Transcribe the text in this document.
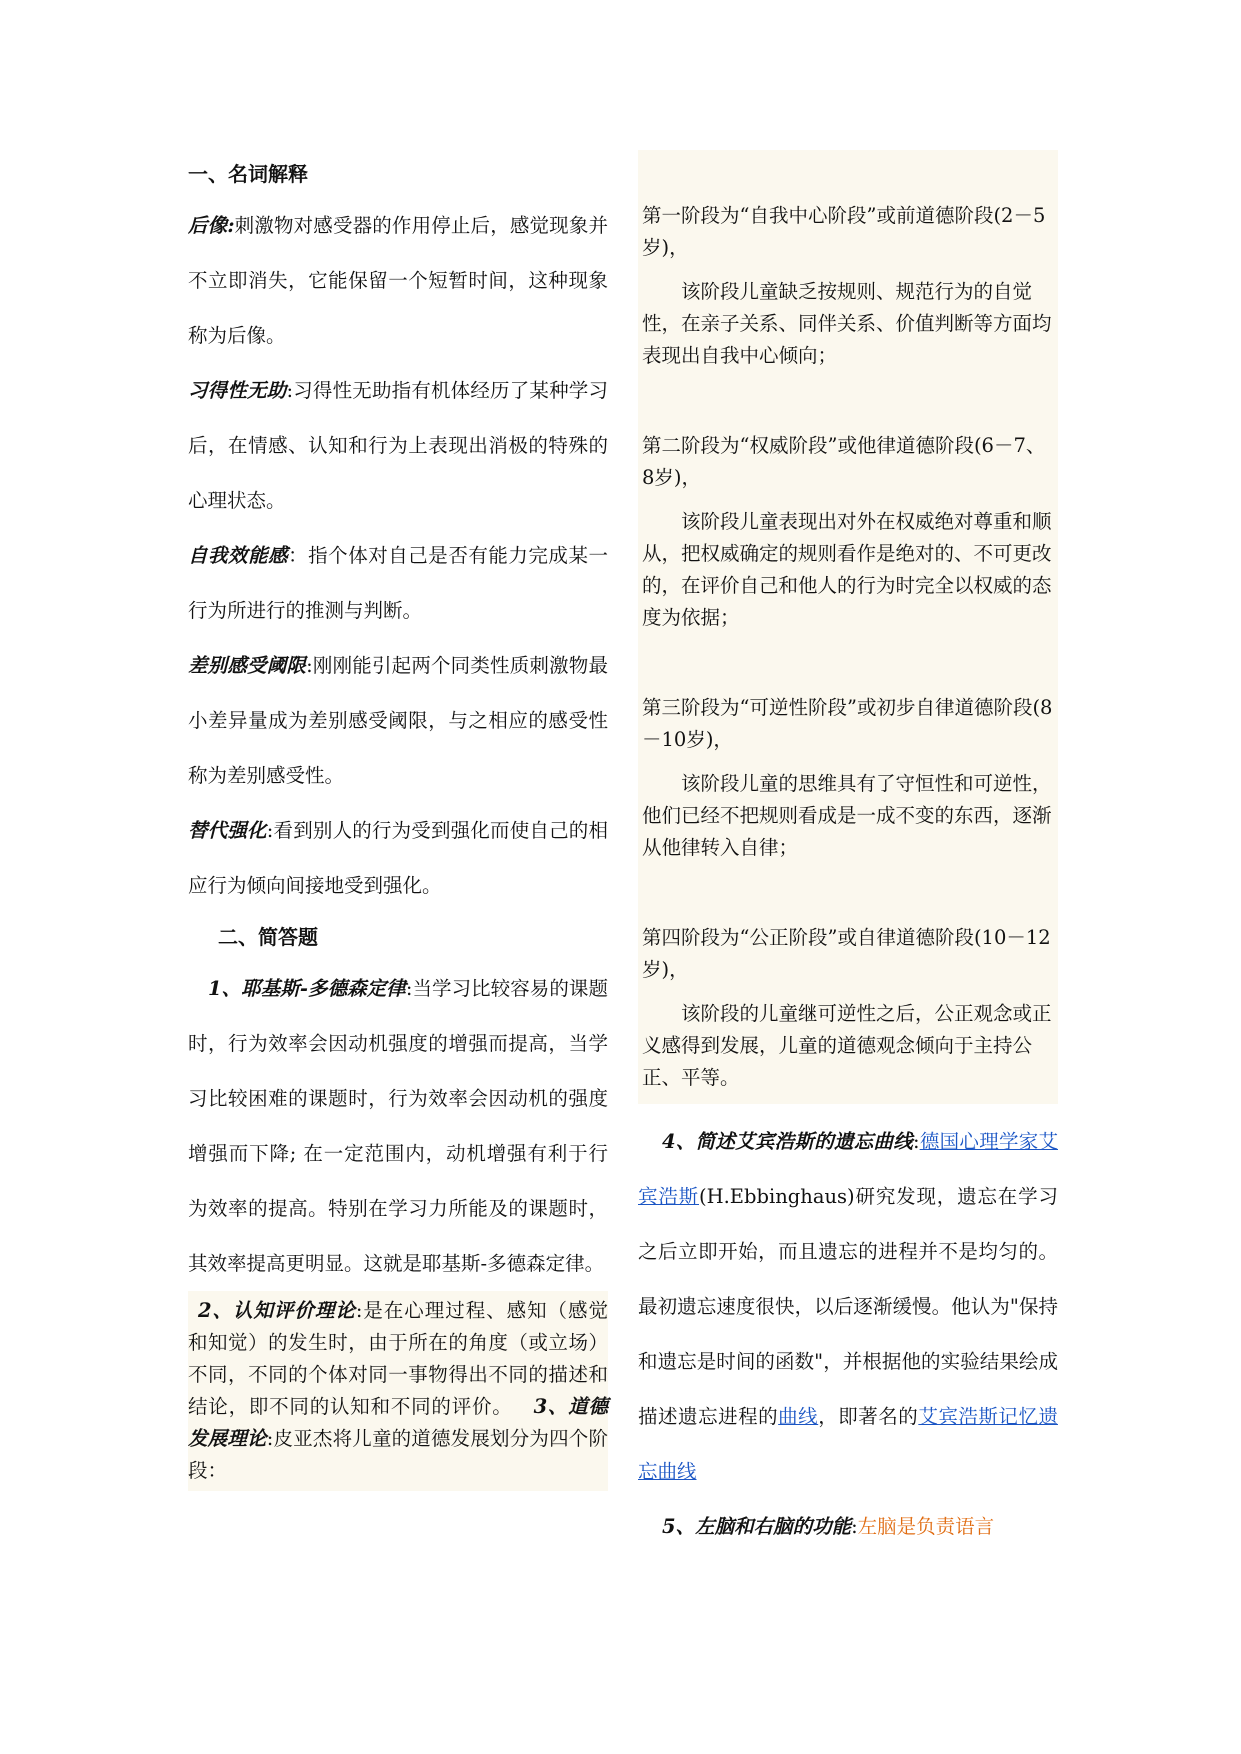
一、名词解释

后像:刺激物对感受器的作用停止后，感觉现象并不立即消失，它能保留一个短暂时间，这种现象称为后像。

习得性无助:习得性无助指有机体经历了某种学习后，在情感、认知和行为上表现出消极的特殊的心理状态。

自我效能感：指个体对自己是否有能力完成某一行为所进行的推测与判断。

差别感受阈限:刚刚能引起两个同类性质刺激物最小差异量成为差别感受阈限，与之相应的感受性称为差别感受性。

替代强化:看到别人的行为受到强化而使自己的相应行为倾向间接地受到强化。

二、简答题

1、耶基斯-多德森定律:当学习比较容易的课题时，行为效率会因动机强度的增强而提高，当学习比较困难的课题时，行为效率会因动机的强度增强而下降; 在一定范围内，动机增强有利于行为效率的提高。特别在学习力所能及的课题时，其效率提高更明显。这就是耶基斯-多德森定律。

2、认知评价理论:是在心理过程、感知（感觉和知觉）的发生时，由于所在的角度（或立场）不同，不同的个体对同一事物得出不同的描述和结论，即不同的认知和不同的评价。 3、道德发展理论:皮亚杰将儿童的道德发展划分为四个阶段：

第一阶段为“自我中心阶段”或前道德阶段(2－5岁)，

该阶段儿童缺乏按规则、规范行为的自觉性，在亲子关系、同伴关系、价值判断等方面均表现出自我中心倾向；

第二阶段为“权威阶段”或他律道德阶段(6－7、8岁)，

该阶段儿童表现出对外在权威绝对尊重和顺从，把权威确定的规则看作是绝对的、不可更改的，在评价自己和他人的行为时完全以权威的态度为依据；

第三阶段为“可逆性阶段”或初步自律道德阶段(8－10岁)，

该阶段儿童的思维具有了守恒性和可逆性，他们已经不把规则看成是一成不变的东西，逐渐从他律转入自律；

第四阶段为“公正阶段”或自律道德阶段(10－12岁)，

该阶段的儿童继可逆性之后，公正观念或正义感得到发展，儿童的道德观念倾向于主持公正、平等。

4、简述艾宾浩斯的遗忘曲线:德国心理学家艾宾浩斯(H.Ebbinghaus)研究发现，遗忘在学习之后立即开始，而且遗忘的进程并不是均匀的。最初遗忘速度很快，以后逐渐缓慢。他认为"保持和遗忘是时间的函数"，并根据他的实验结果绘成描述遗忘进程的曲线，即著名的艾宾浩斯记忆遗忘曲线

5、左脑和右脑的功能:左脑是负责语言
